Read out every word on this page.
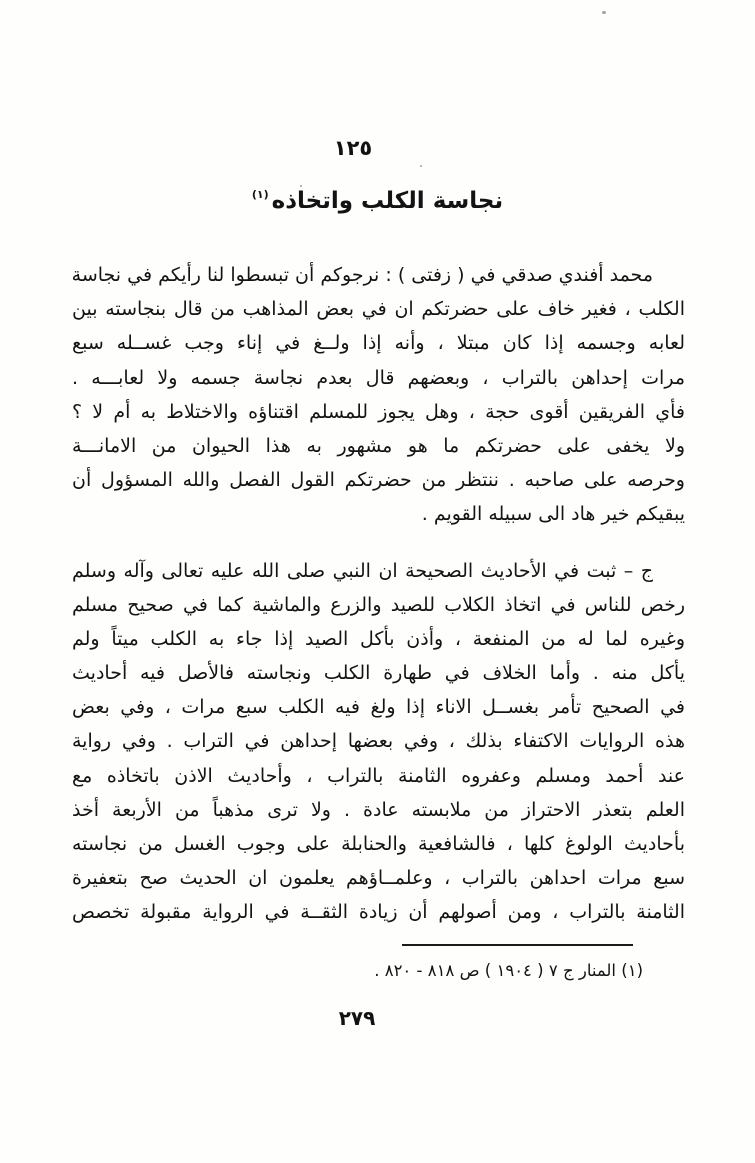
١٢٥
نجاسة الكلب واتخاذه$^{(١)}$
محمد أفندي صدقي في ( زفتى ) : نرجوكم أن تبسطوا لنا رأيكم في نجاسة
الكلب ، فغير خاف على حضرتكم ان في بعض المذاهب من قال بنجاسته بين
لعابه وجسمه إذا كان مبتلا ، وأنه إذا ولــغ في إناء وجب غســله سبع
مرات إحداهن بالتراب ، وبعضهم قال بعدم نجاسة جسمه ولا لعابـــه .
فأي الفريقين أقوى حجة ، وهل يجوز للمسلم اقتناؤه والاختلاط به أم لا ؟
ولا يخفى على حضرتكم ما هو مشهور به هذا الحيوان من الامانـــة
وحرصه على صاحبه . ننتظر من حضرتكم القول الفصل والله المسؤول أن
يبقيكم خير هاد الى سبيله القويم .
ج – ثبت في الأحاديث الصحيحة ان النبي صلى الله عليه تعالى وآله وسلم
رخص للناس في اتخاذ الكلاب للصيد والزرع والماشية كما في صحيح مسلم
وغيره لما له من المنفعة ، وأذن بأكل الصيد إذا جاء به الكلب ميتاً ولم
يأكل منه . وأما الخلاف في طهارة الكلب ونجاسته فالأصل فيه أحاديث
في الصحيح تأمر بغســل الاناء إذا ولغ فيه الكلب سبع مرات ، وفي بعض
هذه الروايات الاكتفاء بذلك ، وفي بعضها إحداهن في التراب . وفي رواية
عند أحمد ومسلم وعفروه الثامنة بالتراب ، وأحاديث الاذن باتخاذه مع
العلم بتعذر الاحتراز من ملابسته عادة . ولا ترى مذهباً من الأربعة أخذ
بأحاديث الولوغ كلها ، فالشافعية والحنابلة على وجوب الغسل من نجاسته
سبع مرات احداهن بالتراب ، وعلمــاؤهم يعلمون ان الحديث صح بتعفيرة
الثامنة بالتراب ، ومن أصولهم أن زيادة الثقــة في الرواية مقبولة تخصص
(١) المنار ج ٧ ( ١٩٠٤ ) ص ٨١٨ - ٨٢٠ .
٢٧٩
